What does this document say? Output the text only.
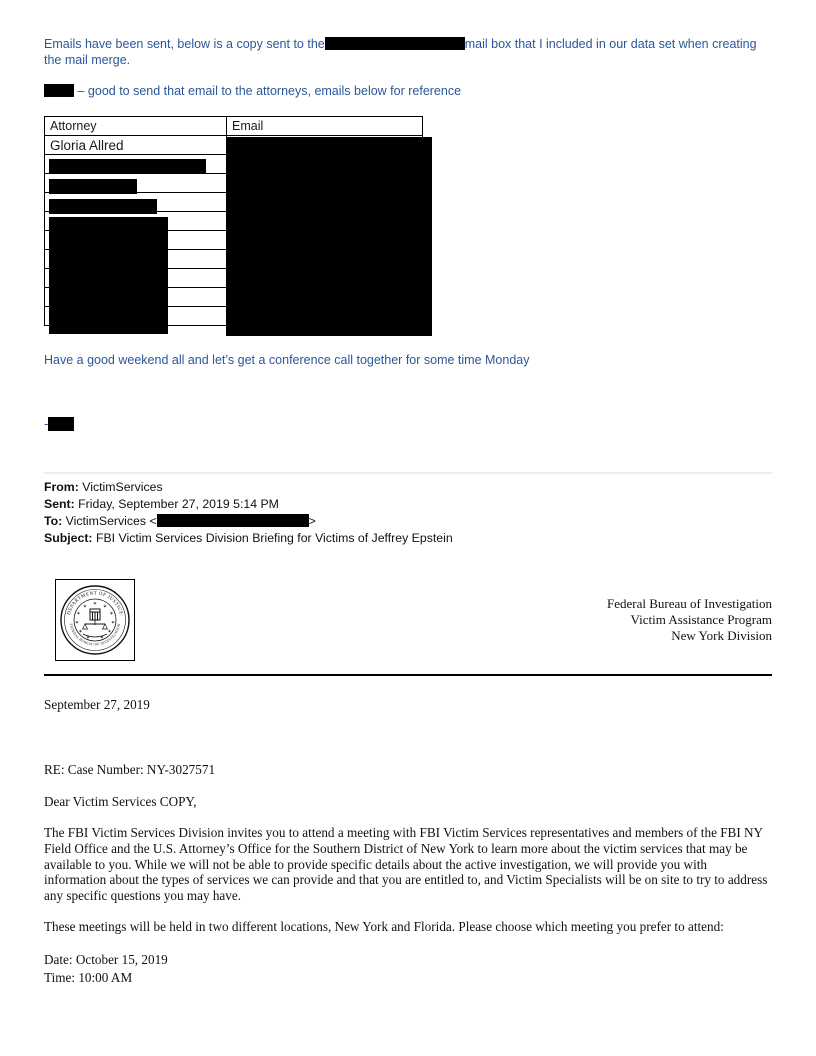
Emails have been sent, below is a copy sent to the	mail box that I included in our data set when creating the mail merge.
– good to send that email to the attorneys, emails below for reference
Attorney	Email
Gloria Allred	

Have a good weekend all and let’s get a conference call together for some time Monday
-
From: VictimServices
Sent: Friday, September 27, 2019 5:14 PM
To: VictimServices <	>
Subject: FBI Victim Services Division Briefing for Victims of Jeffrey Epstein
DEPARTMENT OF JUSTICE
FEDERAL BUREAU OF INVESTIGATION
✶ ✶
✶
✶
✶
✶
✶
✶
✶
✶
✶	Federal Bureau of Investigation
Victim Assistance Program
New York Division
September 27, 2019
RE: Case Number: NY-3027571
Dear Victim Services COPY,
The FBI Victim Services Division invites you to attend a meeting with FBI Victim Services representatives and members of the FBI NY Field Office and the U.S. Attorney’s Office for the Southern District of New York to learn more about the victim services that may be available to you. While we will not be able to provide specific details about the active investigation, we will provide you with information about the types of services we can provide and that you are entitled to, and Victim Specialists will be on site to try to address any specific questions you may have.
These meetings will be held in two different locations, New York and Florida. Please choose which meeting you prefer to attend:
Date: October 15, 2019
Time: 10:00 AM
